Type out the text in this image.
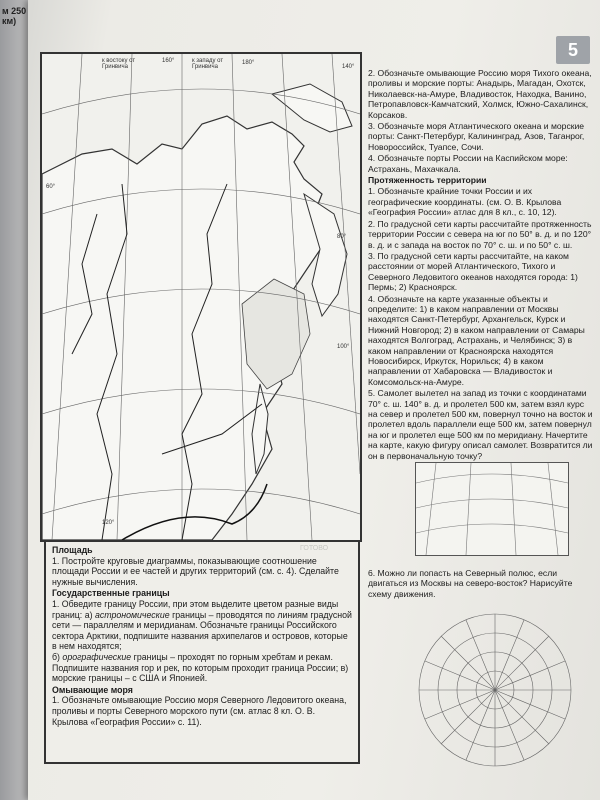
м 250 км)
5
к востоку от Гринвича
к западу от Гринвича
160°	180°
140°
60°
80°
100°
120°

2. Обозначьте омывающие Россию моря Тихого океана, проливы и морские порты: Анадырь, Магадан, Охотск, Николаевск-на-Амуре, Владивосток, Находка, Ванино, Петропавловск-Камчатский, Холмск, Южно-Сахалинск, Корсаков.

3. Обозначьте моря Атлантического океана и морские порты: Санкт-Петербург, Калининград, Азов, Таганрог, Новороссийск, Туапсе, Сочи.

4. Обозначьте порты России на Каспийском море: Астрахань, Махачкала.

Протяженность территории

1. Обозначьте крайние точки России и их географические координаты. (см. О. В. Крылова «География России» атлас для 8 кл., с. 10, 12).

2. По градусной сети карты рассчитайте протяженность территории России с севера на юг по 50° в. д. и по 120° в. д. и с запада на восток по 70° с. ш. и по 50° с. ш.

3. По градусной сети карты рассчитайте, на каком расстоянии от морей Атлантического, Тихого и Северного Ледовитого океанов находятся города: 1) Пермь; 2) Красноярск.

4. Обозначьте на карте указанные объекты и определите: 1) в каком направлении от Москвы находятся Санкт-Петербург, Архангельск, Курск и Нижний Новгород; 2) в каком направлении от Самары находятся Волгоград, Астрахань, и Челябинск; 3) в каком направлении от Красноярска находятся Новосибирск, Иркутск, Норильск; 4) в каком направлении от Хабаровска — Владивосток и Комсомольск-на-Амуре.

5. Самолет вылетел на запад из точки с координатами 70° с. ш. 140° в. д. и пролетел 500 км, затем взял курс на север и пролетел 500 км, повернул точно на восток и пролетел вдоль параллели еще 500 км, затем повернул на юг и пролетел еще 500 км по меридиану. Начертите на карте, какую фигуру описал самолет. Возвратится ли он в первоначальную точку?

6. Можно ли попасть на Северный полюс, если двигаться из Москвы на северо-восток? Нарисуйте схему движения.

Площадь

1. Постройте круговые диаграммы, показывающие соотношение площади России и ее частей и других территорий (см. с. 4). Сделайте нужные вычисления.

Государственные границы

1. Обведите границу России, при этом выделите цветом разные виды границ: а) астрономические границы – проводятся по линиям градусной сети — параллелям и меридианам. Обозначьте границы Российского сектора Арктики, подпишите названия архипелагов и островов, которые в нем находятся;

б) орографические границы – проходят по горным хребтам и рекам. Подпишите названия гор и рек, по которым проходит граница России; в) морские границы – с США и Японией.

Омывающие моря

1. Обозначьте омывающие Россию моря Северного Ледовитого океана, проливы и порты Северного морского пути (см. атлас 8 кл. О. В. Крылова «География России» с. 11).

ГОТОВО
